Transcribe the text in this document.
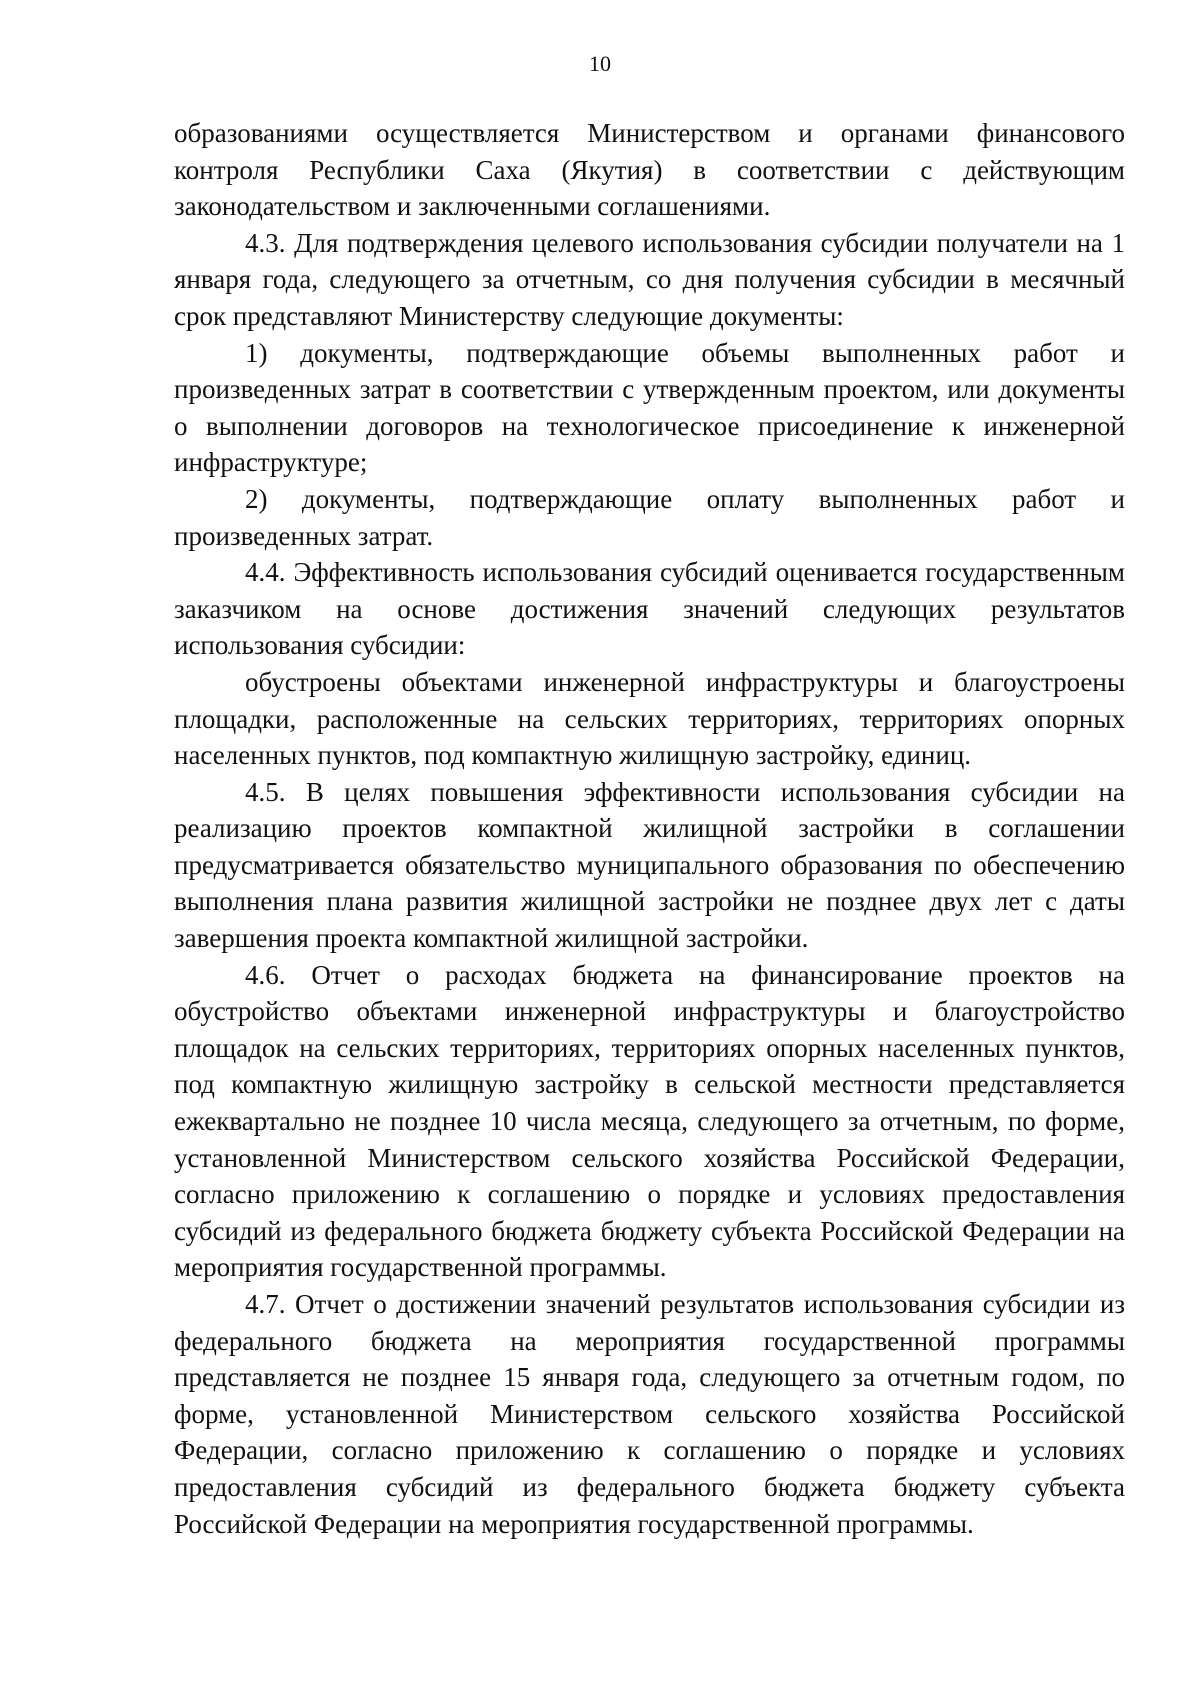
10

образованиями осуществляется Министерством и органами финансового контроля Республики Саха (Якутия) в соответствии с действующим законодательством и заключенными соглашениями.

4.3. Для подтверждения целевого использования субсидии получатели на 1 января года, следующего за отчетным, со дня получения субсидии в месячный срок представляют Министерству следующие документы:

1) документы, подтверждающие объемы выполненных работ и произведенных затрат в соответствии с утвержденным проектом, или документы о выполнении договоров на технологическое присоединение к инженерной инфраструктуре;

2) документы, подтверждающие оплату выполненных работ и произведенных затрат.

4.4. Эффективность использования субсидий оценивается государственным заказчиком на основе достижения значений следующих результатов использования субсидии:

обустроены объектами инженерной инфраструктуры и благоустроены площадки, расположенные на сельских территориях, территориях опорных населенных пунктов, под компактную жилищную застройку, единиц.

4.5. В целях повышения эффективности использования субсидии на реализацию проектов компактной жилищной застройки в соглашении предусматривается обязательство муниципального образования по обеспечению выполнения плана развития жилищной застройки не позднее двух лет с даты завершения проекта компактной жилищной застройки.

4.6. Отчет о расходах бюджета на финансирование проектов на обустройство объектами инженерной инфраструктуры и благоустройство площадок на сельских территориях, территориях опорных населенных пунктов, под компактную жилищную застройку в сельской местности представляется ежеквартально не позднее 10 числа месяца, следующего за отчетным, по форме, установленной Министерством сельского хозяйства Российской Федерации, согласно приложению к соглашению о порядке и условиях предоставления субсидий из федерального бюджета бюджету субъекта Российской Федерации на мероприятия государственной программы.

4.7. Отчет о достижении значений результатов использования субсидии из федерального бюджета на мероприятия государственной программы представляется не позднее 15 января года, следующего за отчетным годом, по форме, установленной Министерством сельского хозяйства Российской Федерации, согласно приложению к соглашению о порядке и условиях предоставления субсидий из федерального бюджета бюджету субъекта Российской Федерации на мероприятия государственной программы.
